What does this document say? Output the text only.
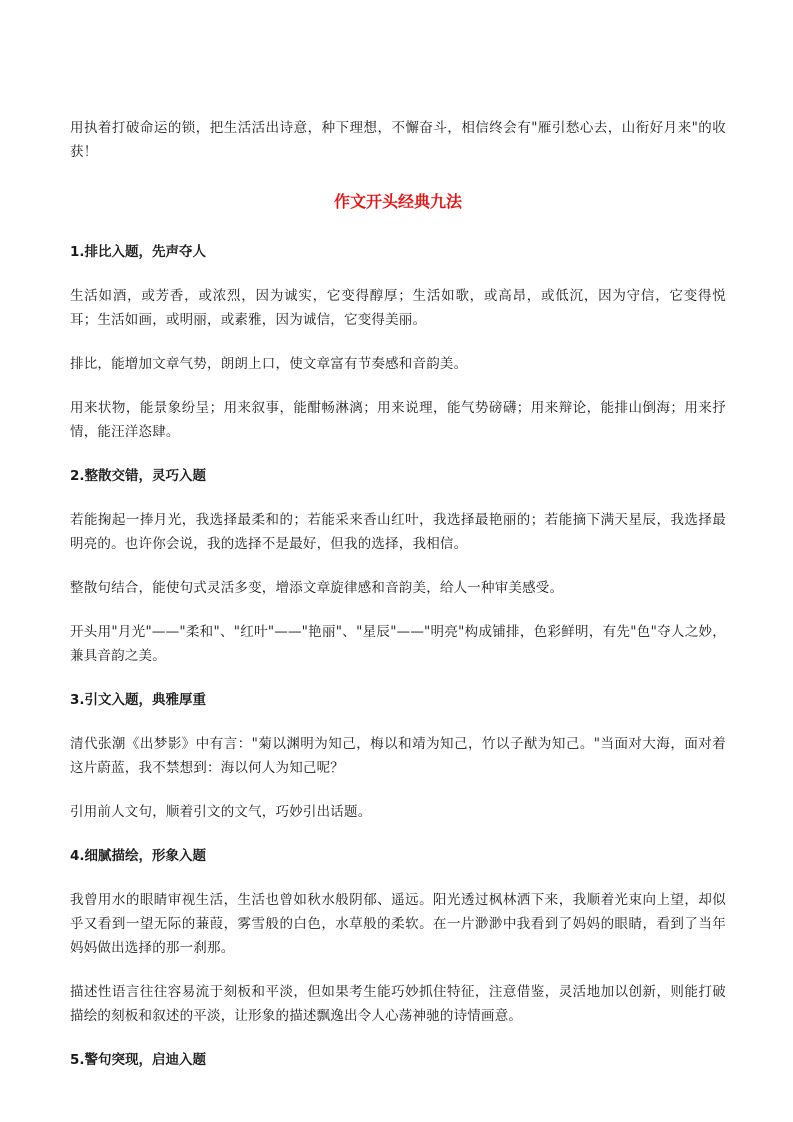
用执着打破命运的锁，把生活活出诗意，种下理想，不懈奋斗，相信终会有"雁引愁心去，山衔好月来"的收获！

作文开头经典九法
1.排比入题，先声夺人

生活如酒，或芳香，或浓烈，因为诚实，它变得醇厚；生活如歌，或高昂，或低沉，因为守信，它变得悦耳；生活如画，或明丽，或素雅，因为诚信，它变得美丽。

排比，能增加文章气势，朗朗上口，使文章富有节奏感和音韵美。

用来状物，能景象纷呈；用来叙事，能酣畅淋漓；用来说理，能气势磅礴；用来辩论，能排山倒海；用来抒情，能汪洋恣肆。

2.整散交错，灵巧入题

若能掬起一捧月光，我选择最柔和的；若能采来香山红叶，我选择最艳丽的；若能摘下满天星辰，我选择最明亮的。也许你会说，我的选择不是最好，但我的选择，我相信。

整散句结合，能使句式灵活多变，增添文章旋律感和音韵美，给人一种审美感受。

开头用"月光"——"柔和"、"红叶"——"艳丽"、"星辰"——"明亮"构成铺排，色彩鲜明，有先"色"夺人之妙，兼具音韵之美。

3.引文入题，典雅厚重

清代张潮《出梦影》中有言："菊以渊明为知己，梅以和靖为知己，竹以子猷为知己。"当面对大海，面对着这片蔚蓝，我不禁想到：海以何人为知己呢？

引用前人文句，顺着引文的文气，巧妙引出话题。

4.细腻描绘，形象入题

我曾用水的眼睛审视生活，生活也曾如秋水般阴郁、遥远。阳光透过枫林洒下来，我顺着光束向上望，却似乎又看到一望无际的蒹葭，雾雪般的白色，水草般的柔软。在一片渺渺中我看到了妈妈的眼睛，看到了当年妈妈做出选择的那一刹那。

描述性语言往往容易流于刻板和平淡，但如果考生能巧妙抓住特征，注意借鉴，灵活地加以创新，则能打破描绘的刻板和叙述的平淡，让形象的描述飘逸出令人心荡神驰的诗情画意。

5.警句突现，启迪入题
